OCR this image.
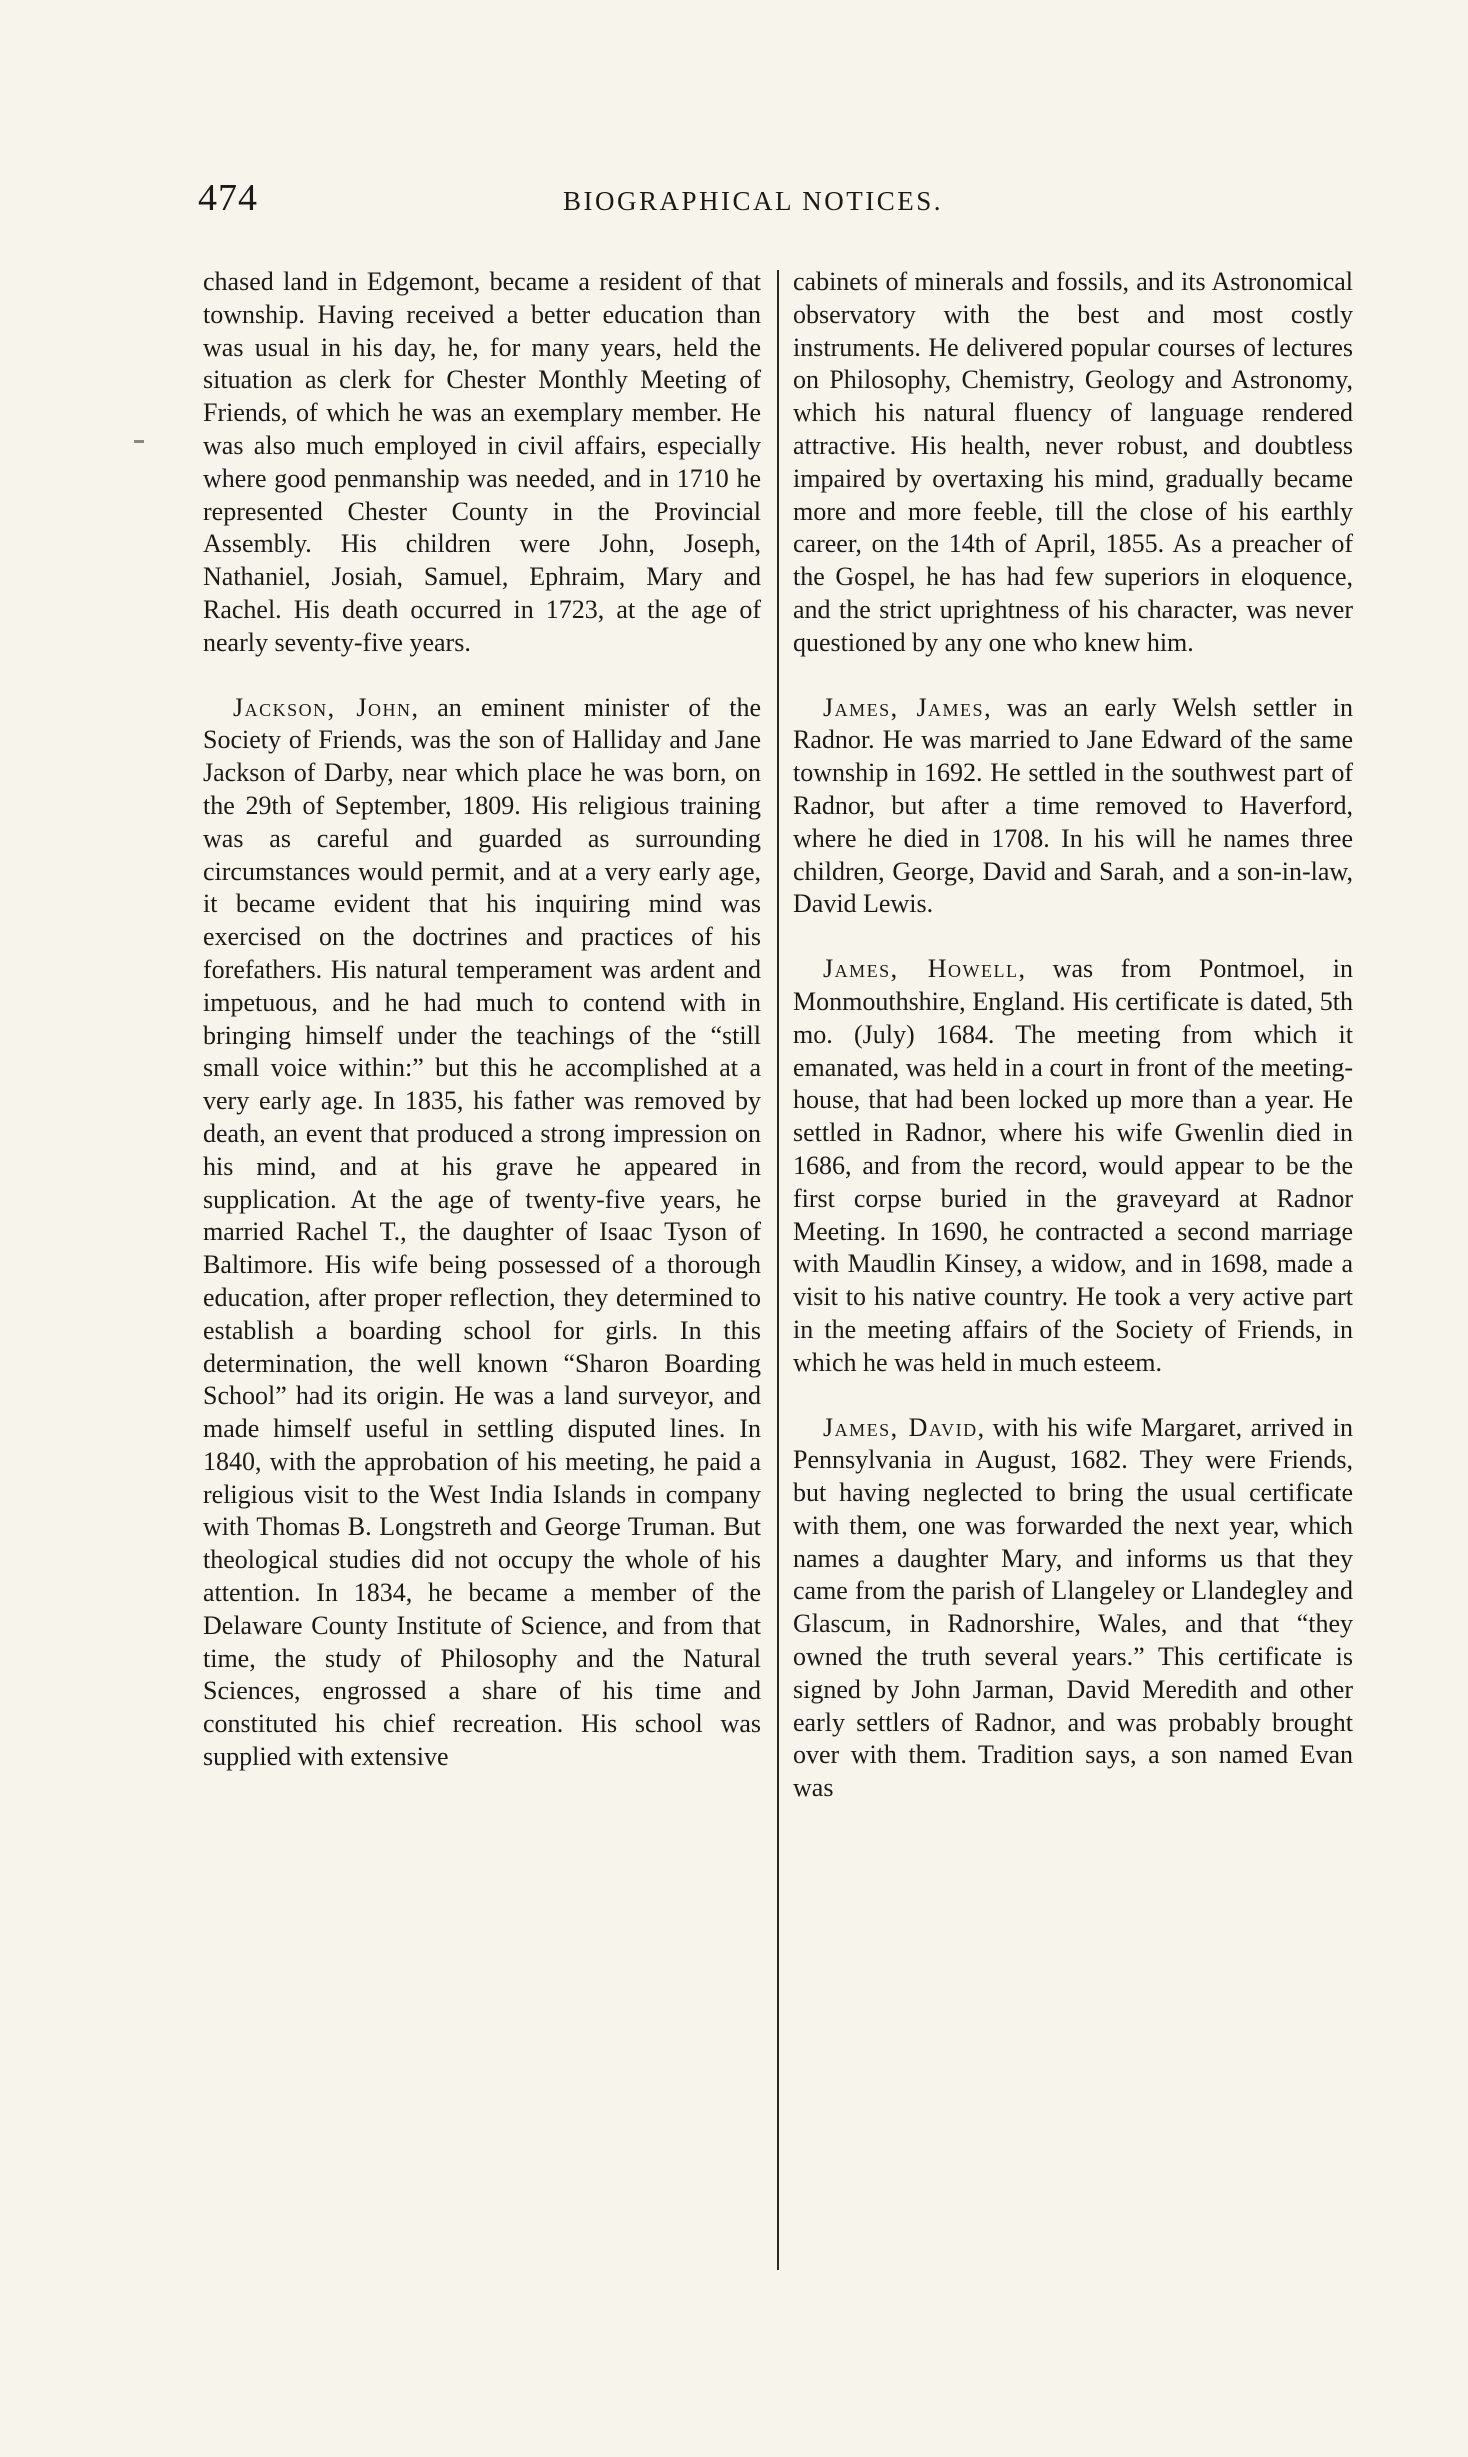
474	BIOGRAPHICAL NOTICES.

chased land in Edgemont, became a resident of that township. Having received a better education than was usual in his day, he, for many years, held the situation as clerk for Chester Monthly Meeting of Friends, of which he was an exemplary member. He was also much employed in civil affairs, especially where good penmanship was needed, and in 1710 he represented Chester County in the Provincial Assembly. His children were John, Joseph, Nathaniel, Josiah, Samuel, Ephraim, Mary and Rachel. His death occurred in 1723, at the age of nearly seventy-five years.

Jackson, John, an eminent minister of the Society of Friends, was the son of Halliday and Jane Jackson of Darby, near which place he was born, on the 29th of September, 1809. His religious training was as careful and guarded as surrounding circumstances would permit, and at a very early age, it became evident that his inquiring mind was exercised on the doctrines and practices of his forefathers. His natural temperament was ardent and impetuous, and he had much to contend with in bringing himself under the teachings of the “still small voice within:” but this he accomplished at a very early age. In 1835, his father was removed by death, an event that produced a strong impression on his mind, and at his grave he appeared in supplication. At the age of twenty-five years, he married Rachel T., the daughter of Isaac Tyson of Baltimore. His wife being possessed of a thorough education, after proper reflection, they determined to establish a boarding school for girls. In this determination, the well known “Sharon Boarding School” had its origin. He was a land surveyor, and made himself useful in settling disputed lines. In 1840, with the approbation of his meeting, he paid a religious visit to the West India Islands in company with Thomas B. Longstreth and George Truman. But theological studies did not occupy the whole of his attention. In 1834, he became a member of the Delaware County Institute of Science, and from that time, the study of Philosophy and the Natural Sciences, engrossed a share of his time and constituted his chief recreation. His school was supplied with extensive

cabinets of minerals and fossils, and its Astronomical observatory with the best and most costly instruments. He delivered popular courses of lectures on Philosophy, Chemistry, Geology and Astronomy, which his natural fluency of language rendered attractive. His health, never robust, and doubtless impaired by overtaxing his mind, gradually became more and more feeble, till the close of his earthly career, on the 14th of April, 1855. As a preacher of the Gospel, he has had few superiors in eloquence, and the strict uprightness of his character, was never questioned by any one who knew him.

James, James, was an early Welsh settler in Radnor. He was married to Jane Edward of the same township in 1692. He settled in the southwest part of Radnor, but after a time removed to Haverford, where he died in 1708. In his will he names three children, George, David and Sarah, and a son-in-law, David Lewis.

James, Howell, was from Pontmoel, in Monmouthshire, England. His certificate is dated, 5th mo. (July) 1684. The meeting from which it emanated, was held in a court in front of the meeting-house, that had been locked up more than a year. He settled in Radnor, where his wife Gwenlin died in 1686, and from the record, would appear to be the first corpse buried in the graveyard at Radnor Meeting. In 1690, he contracted a second marriage with Maudlin Kinsey, a widow, and in 1698, made a visit to his native country. He took a very active part in the meeting affairs of the Society of Friends, in which he was held in much esteem.

James, David, with his wife Margaret, arrived in Pennsylvania in August, 1682. They were Friends, but having neglected to bring the usual certificate with them, one was forwarded the next year, which names a daughter Mary, and informs us that they came from the parish of Llangeley or Llandegley and Glascum, in Radnorshire, Wales, and that “they owned the truth several years.” This certificate is signed by John Jarman, David Meredith and other early settlers of Radnor, and was probably brought over with them. Tradition says, a son named Evan was
